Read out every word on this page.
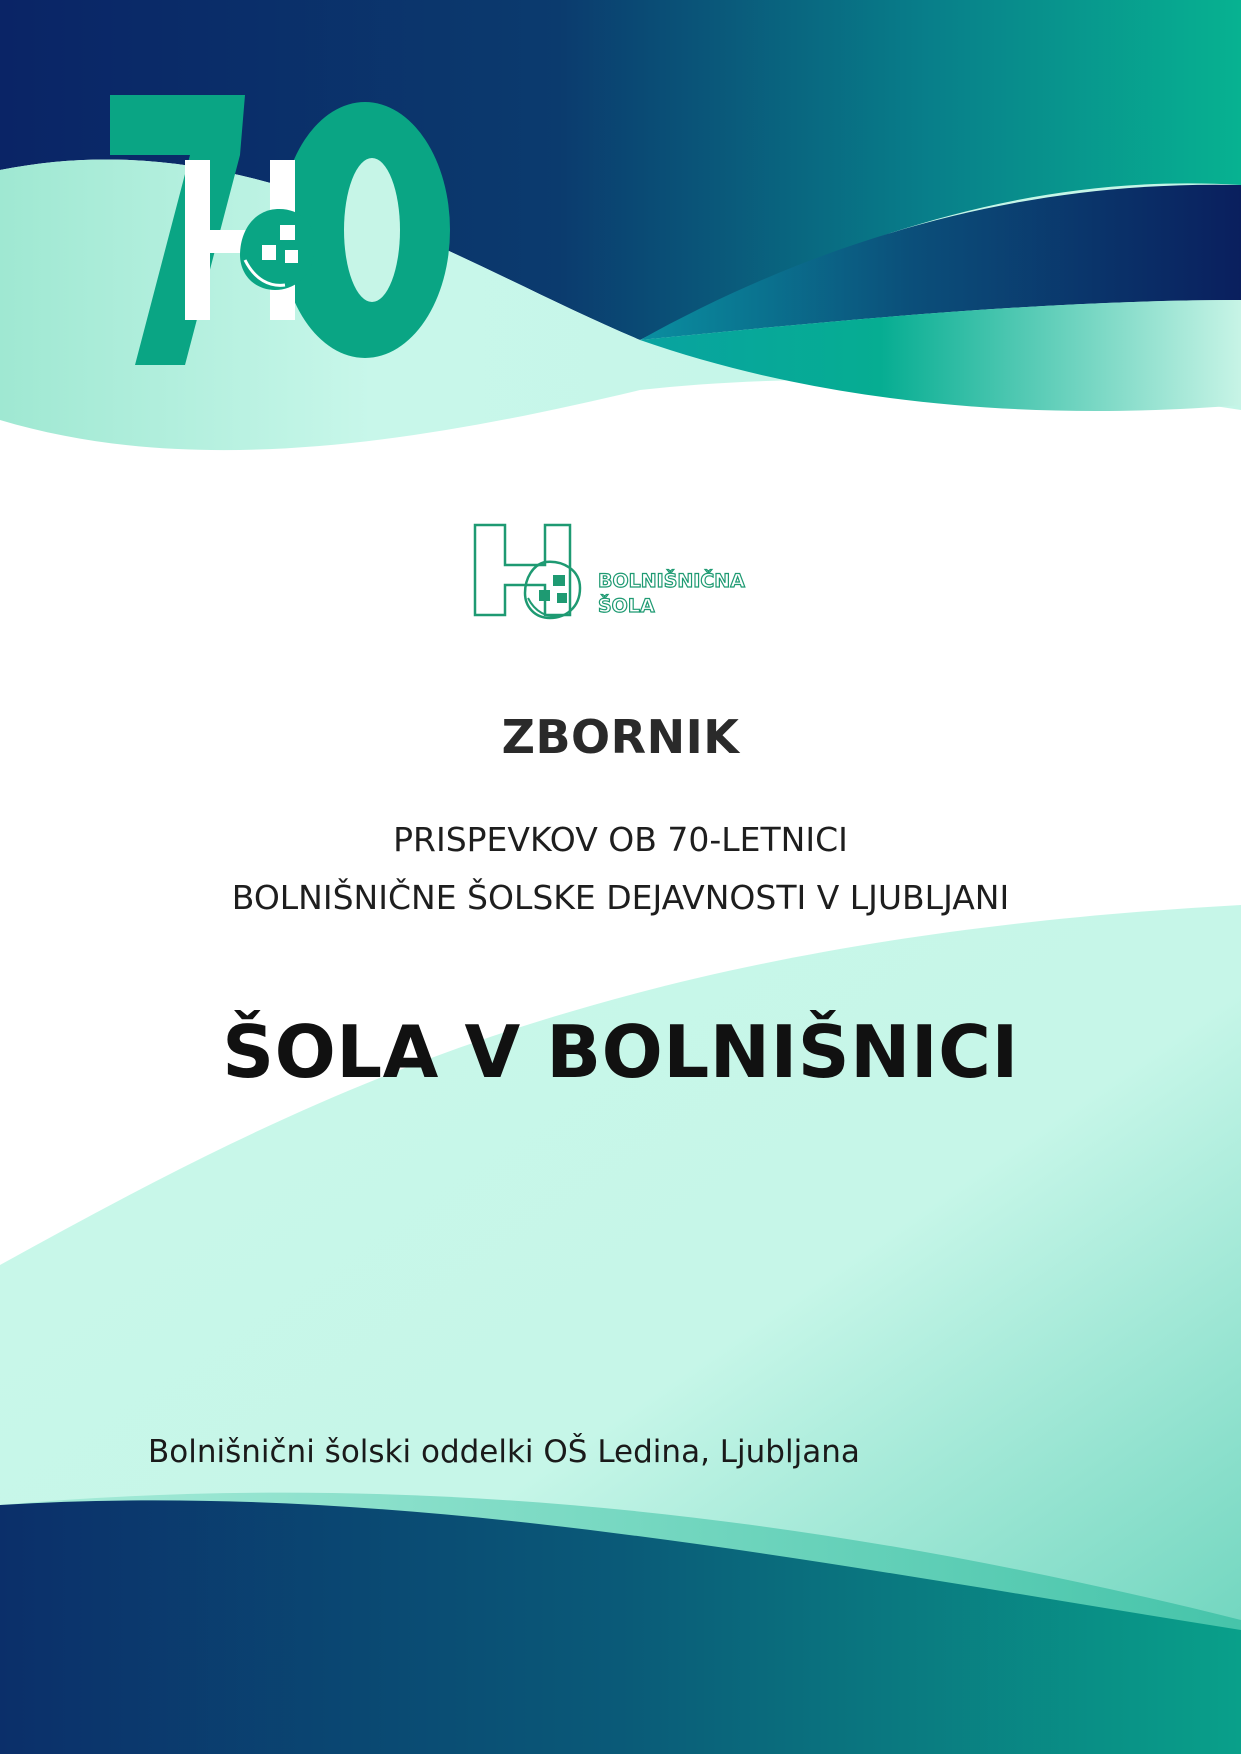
BOLNIŠNIČNA
ŠOLA
ZBORNIK
PRISPEVKOV OB 70-LETNICI
BOLNIŠNIČNE ŠOLSKE DEJAVNOSTI V LJUBLJANI
ŠOLA V BOLNIŠNICI
Bolnišnični šolski oddelki OŠ Ledina, Ljubljana
